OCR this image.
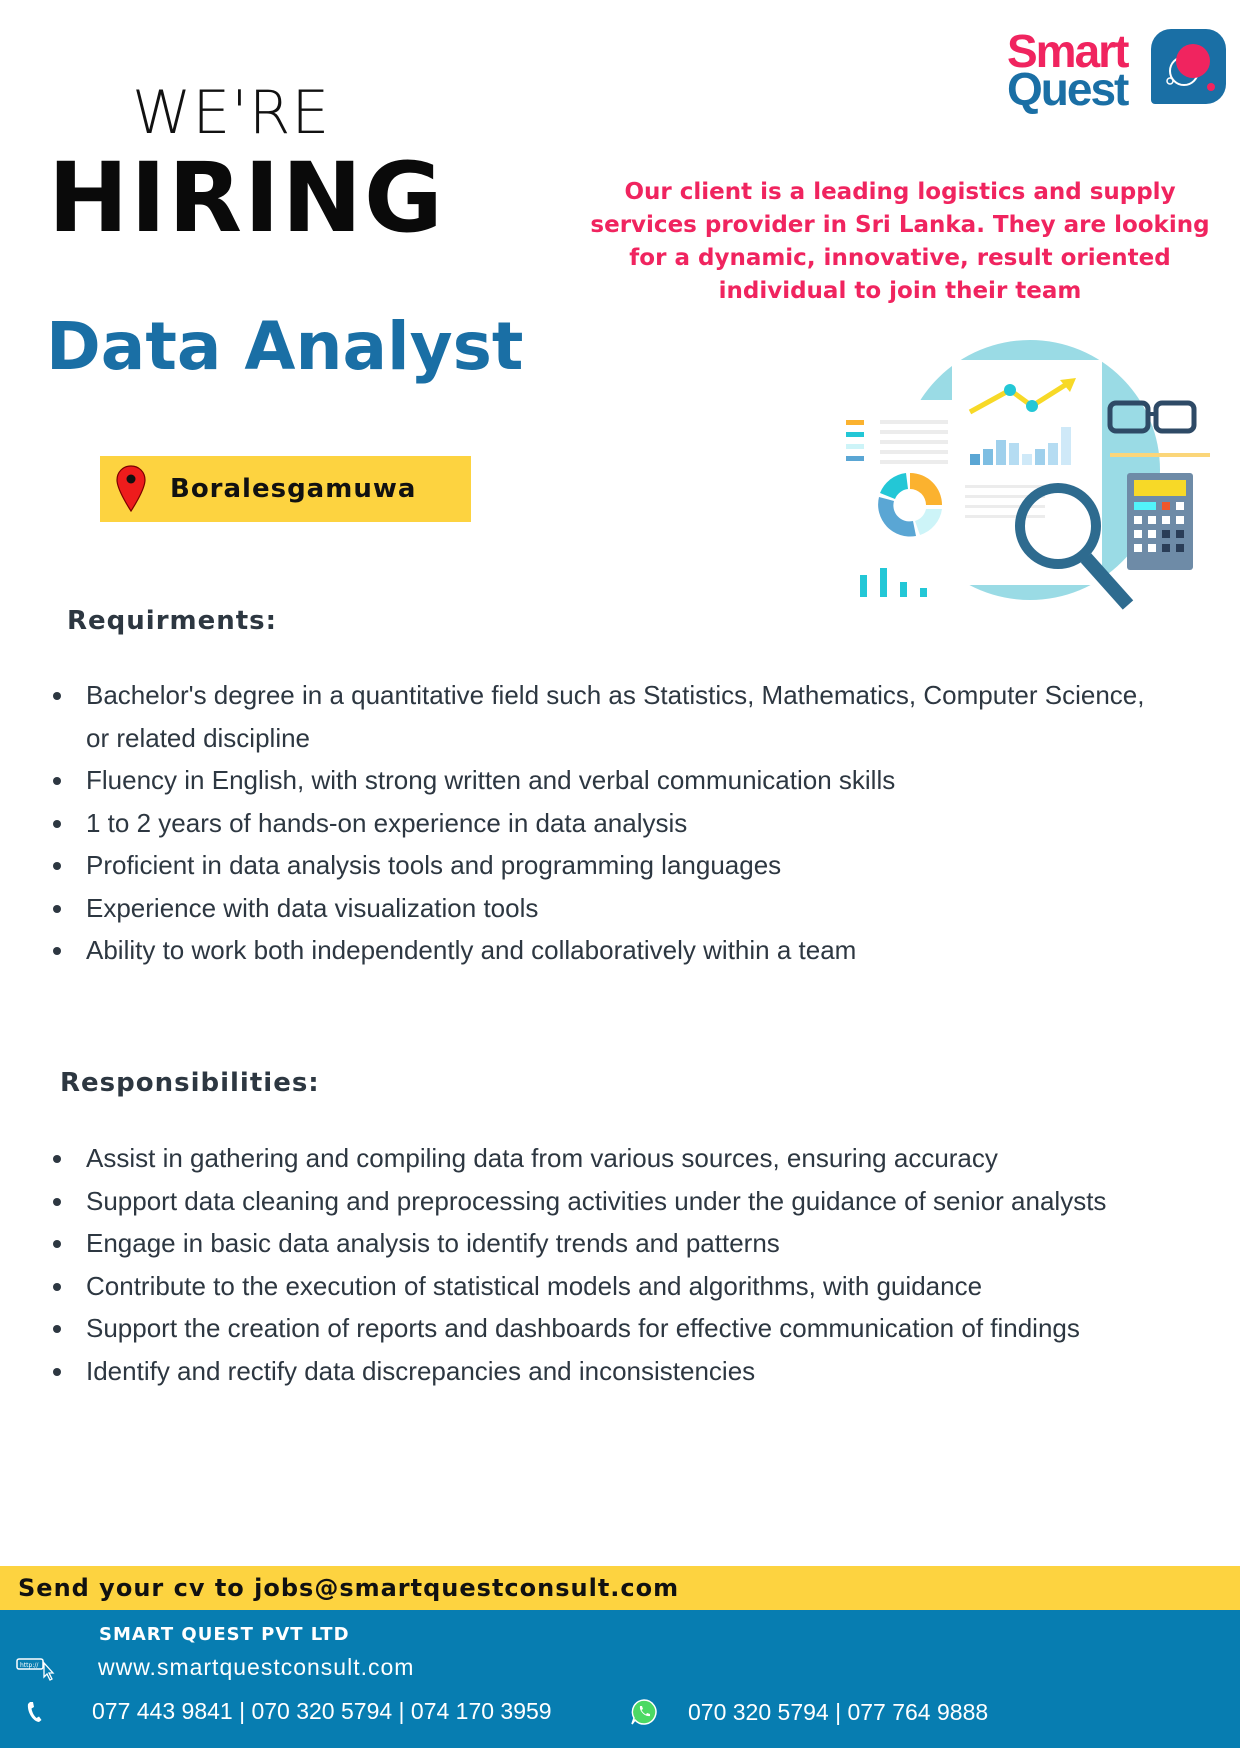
Smart
Quest
WE'RE
HIRING
Data Analyst
Our client is a leading logistics and supply services provider in Sri Lanka. They are looking for a dynamic, innovative, result oriented individual to join their team
Boralesgamuwa
Requirments:
Bachelor's degree in a quantitative field such as Statistics, Mathematics, Computer Science, or related discipline
Fluency in English, with strong written and verbal communication skills
1 to 2 years of hands-on experience in data analysis
Proficient in data analysis tools and programming languages
Experience with data visualization tools
Ability to work both independently and collaboratively within a team
Responsibilities:
Assist in gathering and compiling data from various sources, ensuring accuracy
Support data cleaning and preprocessing activities under the guidance of senior analysts
Engage in basic data analysis to identify trends and patterns
Contribute to the execution of statistical models and algorithms, with guidance
Support the creation of reports and dashboards for effective communication of findings
Identify and rectify data discrepancies and inconsistencies
Send your cv to jobs@smartquestconsult.com
SMART QUEST PVT LTD
http://	www.smartquestconsult.com
077 443 9841 | 070 320 5794 | 074 170 3959	070 320 5794 | 077 764 9888
